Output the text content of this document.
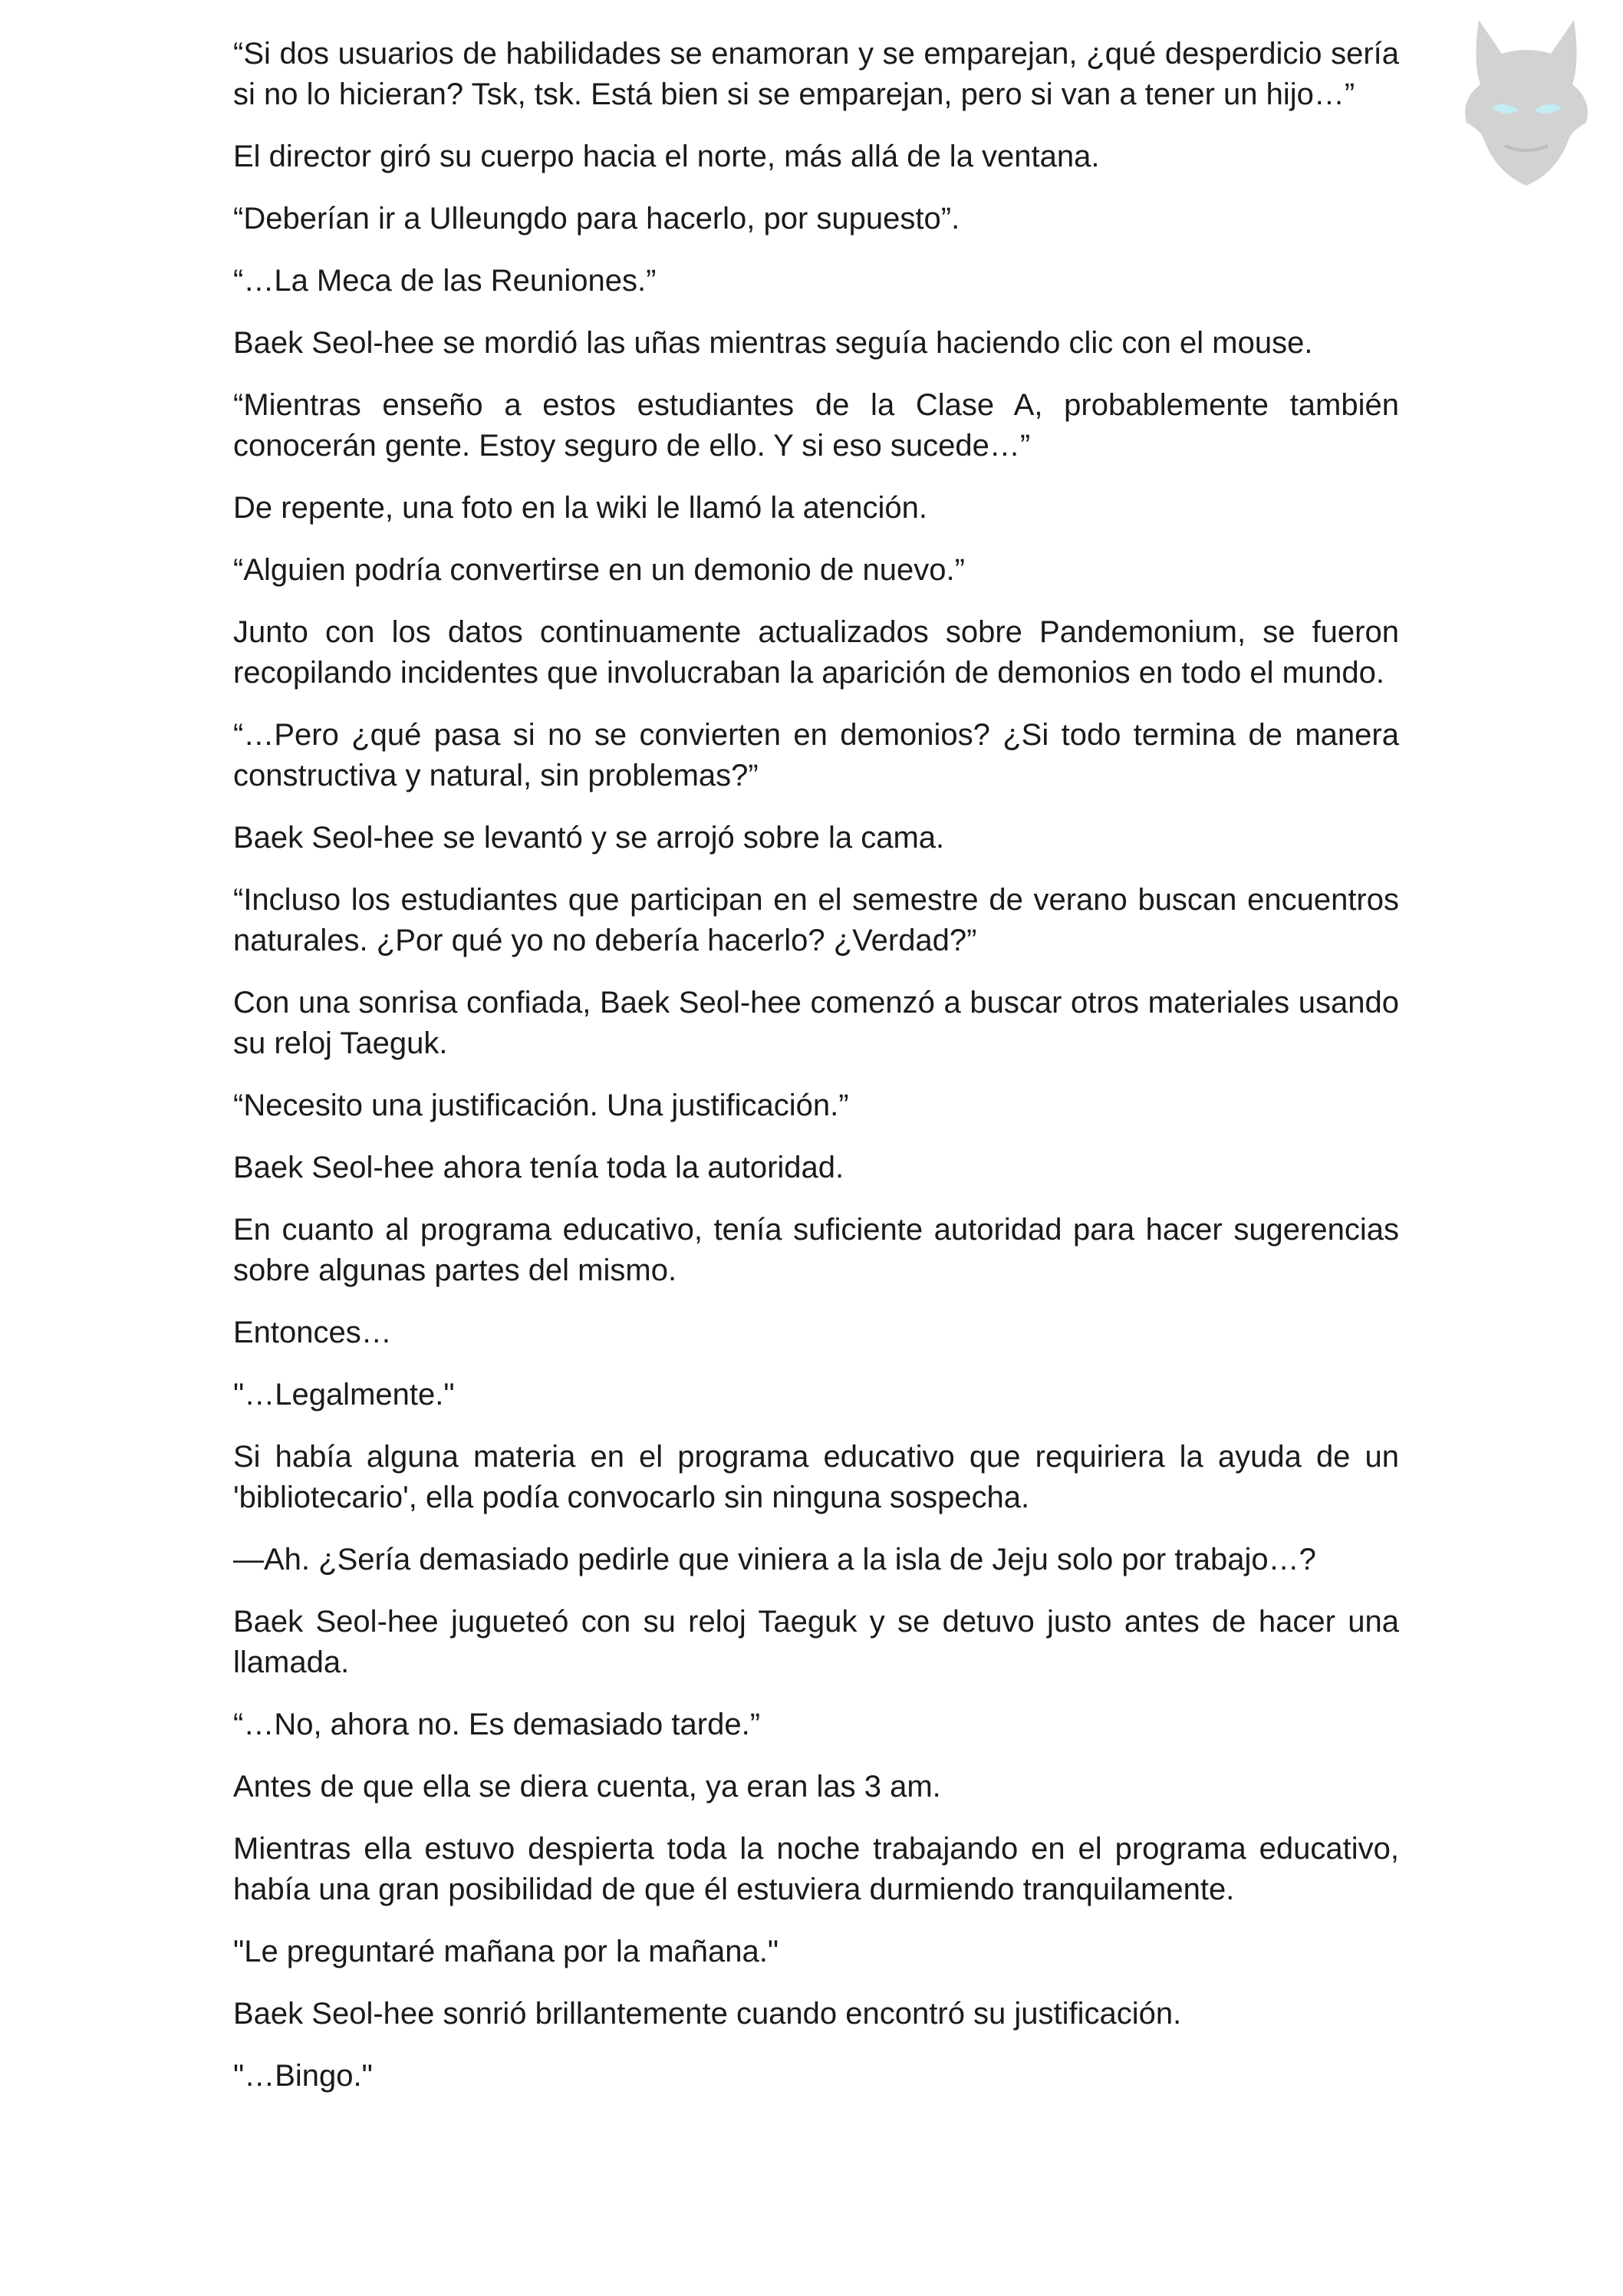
“Si dos usuarios de habilidades se enamoran y se emparejan, ¿qué desperdicio sería si no lo hicieran? Tsk, tsk. Está bien si se emparejan, pero si van a tener un hijo…”

El director giró su cuerpo hacia el norte, más allá de la ventana.

“Deberían ir a Ulleungdo para hacerlo, por supuesto”.

“…La Meca de las Reuniones.”

Baek Seol-hee se mordió las uñas mientras seguía haciendo clic con el mouse.

“Mientras enseño a estos estudiantes de la Clase A, probablemente también conocerán gente. Estoy seguro de ello. Y si eso sucede…”

De repente, una foto en la wiki le llamó la atención.

“Alguien podría convertirse en un demonio de nuevo.”

Junto con los datos continuamente actualizados sobre Pandemonium, se fueron recopilando incidentes que involucraban la aparición de demonios en todo el mundo.

“…Pero ¿qué pasa si no se convierten en demonios? ¿Si todo termina de manera constructiva y natural, sin problemas?”

Baek Seol-hee se levantó y se arrojó sobre la cama.

“Incluso los estudiantes que participan en el semestre de verano buscan encuentros naturales. ¿Por qué yo no debería hacerlo? ¿Verdad?”

Con una sonrisa confiada, Baek Seol-hee comenzó a buscar otros materiales usando su reloj Taeguk.

“Necesito una justificación. Una justificación.”

Baek Seol-hee ahora tenía toda la autoridad.

En cuanto al programa educativo, tenía suficiente autoridad para hacer sugerencias sobre algunas partes del mismo.

Entonces…

"…Legalmente."

Si había alguna materia en el programa educativo que requiriera la ayuda de un 'bibliotecario', ella podía convocarlo sin ninguna sospecha.

—Ah. ¿Sería demasiado pedirle que viniera a la isla de Jeju solo por trabajo…?

Baek Seol-hee jugueteó con su reloj Taeguk y se detuvo justo antes de hacer una llamada.

“…No, ahora no. Es demasiado tarde.”

Antes de que ella se diera cuenta, ya eran las 3 am.

Mientras ella estuvo despierta toda la noche trabajando en el programa educativo, había una gran posibilidad de que él estuviera durmiendo tranquilamente.

"Le preguntaré mañana por la mañana."

Baek Seol-hee sonrió brillantemente cuando encontró su justificación.

"…Bingo."
